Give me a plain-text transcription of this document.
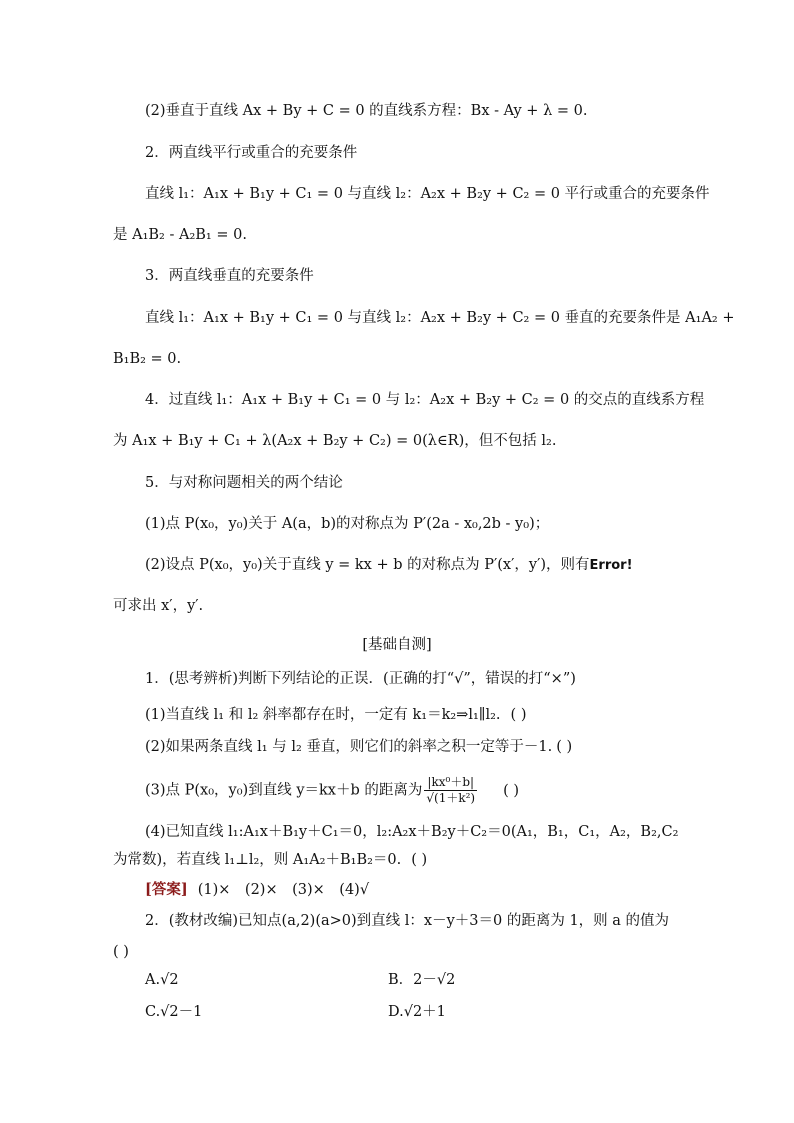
(2)垂直于直线 Ax + By + C = 0 的直线系方程：Bx - Ay + λ = 0.
2．两直线平行或重合的充要条件
直线 l₁：A₁x + B₁y + C₁ = 0 与直线 l₂：A₂x + B₂y + C₂ = 0 平行或重合的充要条件
是 A₁B₂ - A₂B₁ = 0.
3．两直线垂直的充要条件
直线 l₁：A₁x + B₁y + C₁ = 0 与直线 l₂：A₂x + B₂y + C₂ = 0 垂直的充要条件是 A₁A₂ +
B₁B₂ = 0.
4．过直线 l₁：A₁x + B₁y + C₁ = 0 与 l₂：A₂x + B₂y + C₂ = 0 的交点的直线系方程
为 A₁x + B₁y + C₁ + λ(A₂x + B₂y + C₂) = 0(λ∈R)，但不包括 l₂.
5．与对称问题相关的两个结论
(1)点 P(x₀，y₀)关于 A(a，b)的对称点为 P′(2a - x₀,2b - y₀)；
(2)设点 P(x₀，y₀)关于直线 y = kx + b 的对称点为 P′(x′，y′)，则有Error!
可求出 x′，y′.
[基础自测]
1．(思考辨析)判断下列结论的正误．(正确的打“√”，错误的打“×”)
(1)当直线 l₁ 和 l₂ 斜率都存在时，一定有 k₁＝k₂⇒l₁∥l₂. ( )
(2)如果两条直线 l₁ 与 l₂ 垂直，则它们的斜率之积一定等于－1. ( )
(3)点 P(x₀，y₀)到直线 y＝kx＋b 的距离为 $\frac{\text{|kx⁰＋b|}}{\text{√(1＋k²)}}$ ( )
(4)已知直线 l₁:A₁x＋B₁y＋C₁＝0，l₂:A₂x＋B₂y＋C₂＝0(A₁，B₁，C₁，A₂，B₂,C₂
为常数)，若直线 l₁⊥l₂，则 A₁A₂＋B₁B₂＝0. ( )
[答案] (1)×　(2)×　(3)×　(4)√
2．(教材改编)已知点(a,2)(a>0)到直线 l：x－y＋3＝0 的距离为 1，则 a 的值为
( )
A.√2	B．2－√2
C.√2－1	D.√2＋1
